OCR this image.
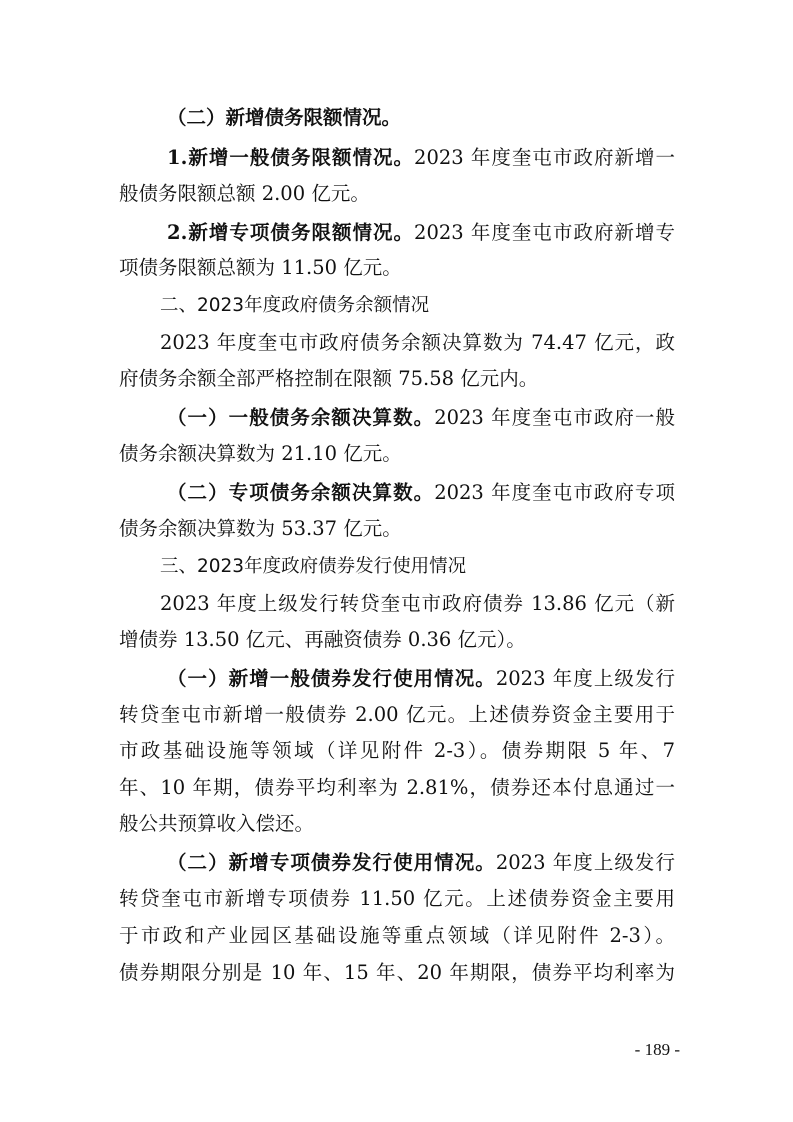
（二）新增债务限额情况。
1.新增一般债务限额情况。2023 年度奎屯市政府新增一
般债务限额总额 2.00 亿元。
2.新增专项债务限额情况。2023 年度奎屯市政府新增专
项债务限额总额为 11.50 亿元。
二、2023年度政府债务余额情况
2023 年度奎屯市政府债务余额决算数为 74.47 亿元，政
府债务余额全部严格控制在限额 75.58 亿元内。
（一）一般债务余额决算数。2023 年度奎屯市政府一般
债务余额决算数为 21.10 亿元。
（二）专项债务余额决算数。2023 年度奎屯市政府专项
债务余额决算数为 53.37 亿元。
三、2023年度政府债券发行使用情况
2023 年度上级发行转贷奎屯市政府债券 13.86 亿元（新
增债券 13.50 亿元、再融资债券 0.36 亿元）。
（一）新增一般债券发行使用情况。2023 年度上级发行
转贷奎屯市新增一般债券 2.00 亿元。上述债券资金主要用于
市政基础设施等领域（详见附件 2-3）。债券期限 5 年、7
年、10 年期，债券平均利率为 2.81%，债券还本付息通过一
般公共预算收入偿还。
（二）新增专项债券发行使用情况。2023 年度上级发行
转贷奎屯市新增专项债券 11.50 亿元。上述债券资金主要用
于市政和产业园区基础设施等重点领域（详见附件 2-3）。
债券期限分别是 10 年、15 年、20 年期限，债券平均利率为
- 189 -
